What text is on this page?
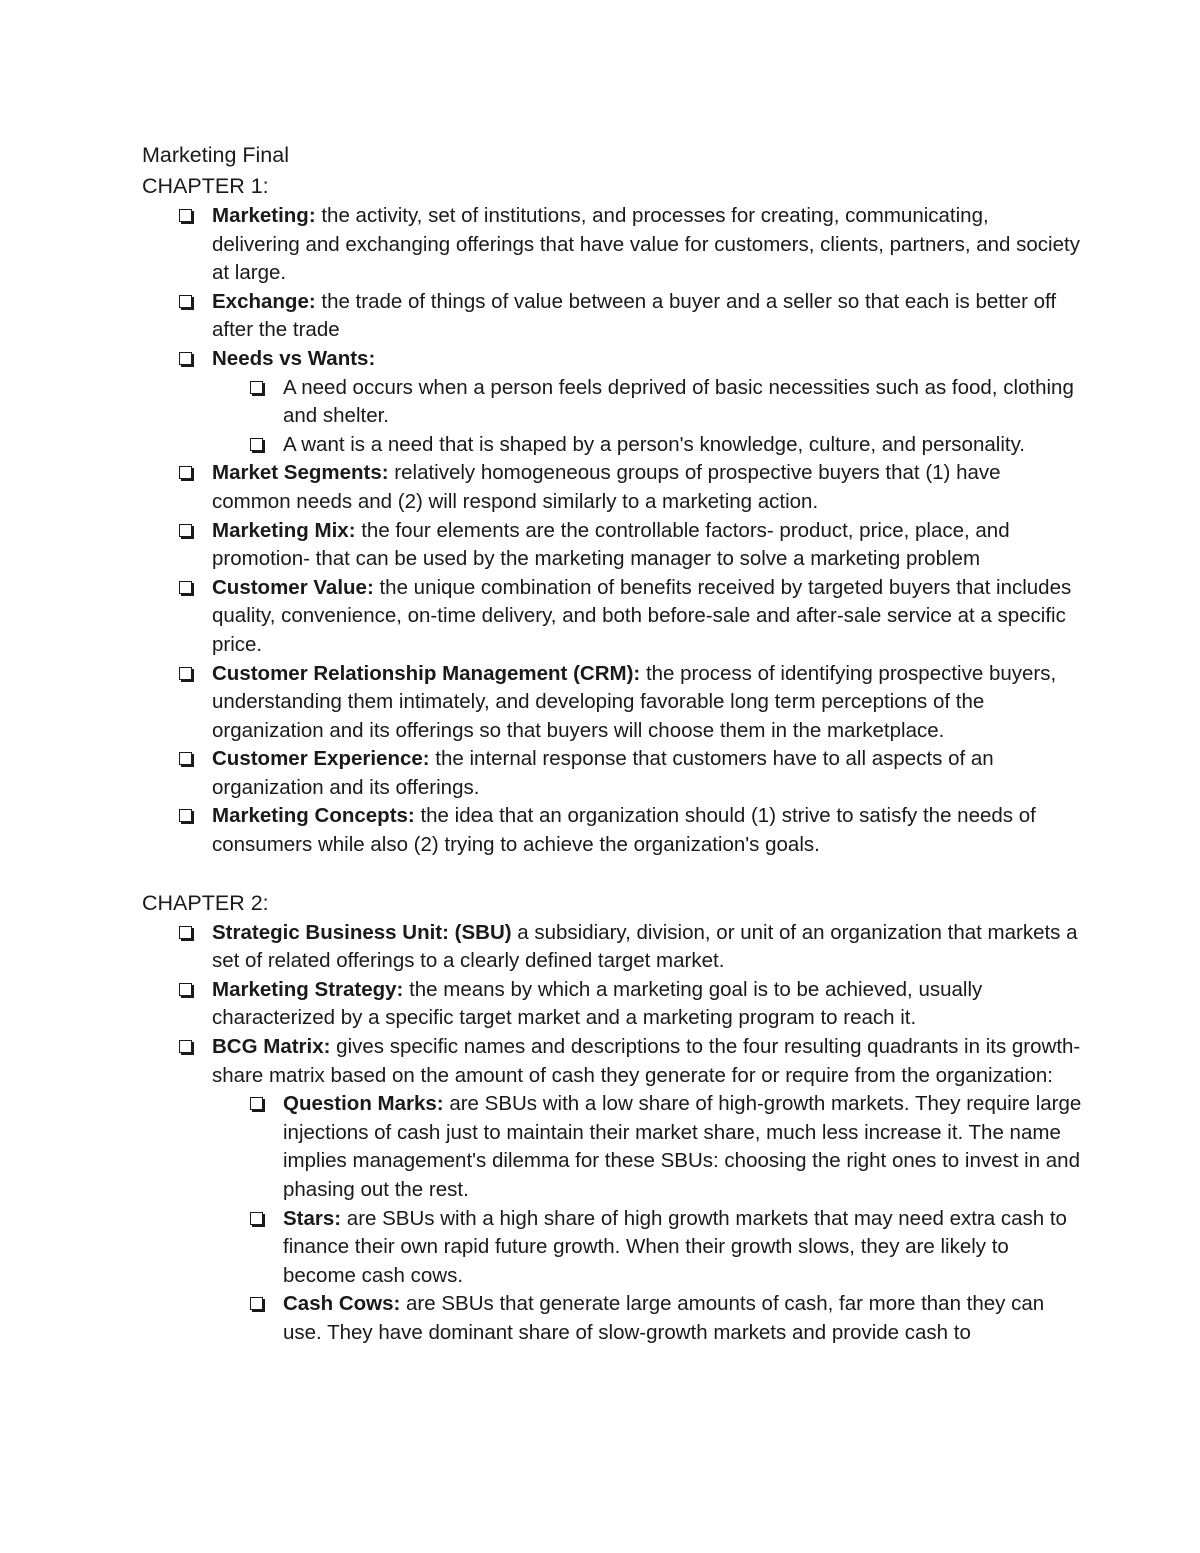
Marketing Final
CHAPTER 1:
Marketing: the activity, set of institutions, and processes for creating, communicating, delivering and exchanging offerings that have value for customers, clients, partners, and society at large.
Exchange: the trade of things of value between a buyer and a seller so that each is better off after the trade
Needs vs Wants:
A need occurs when a person feels deprived of basic necessities such as food, clothing and shelter.
A want is a need that is shaped by a person's knowledge, culture, and personality.
Market Segments: relatively homogeneous groups of prospective buyers that (1) have common needs and (2) will respond similarly to a marketing action.
Marketing Mix: the four elements are the controllable factors- product, price, place, and promotion- that can be used by the marketing manager to solve a marketing problem
Customer Value: the unique combination of benefits received by targeted buyers that includes quality, convenience, on-time delivery, and both before-sale and after-sale service at a specific price.
Customer Relationship Management (CRM): the process of identifying prospective buyers, understanding them intimately, and developing favorable long term perceptions of the organization and its offerings so that buyers will choose them in the marketplace.
Customer Experience: the internal response that customers have to all aspects of an organization and its offerings.
Marketing Concepts: the idea that an organization should (1) strive to satisfy the needs of consumers while also (2) trying to achieve the organization's goals.
CHAPTER 2:
Strategic Business Unit: (SBU) a subsidiary, division, or unit of an organization that markets a set of related offerings to a clearly defined target market.
Marketing Strategy: the means by which a marketing goal is to be achieved, usually characterized by a specific target market and a marketing program to reach it.
BCG Matrix: gives specific names and descriptions to the four resulting quadrants in its growth-share matrix based on the amount of cash they generate for or require from the organization:
Question Marks: are SBUs with a low share of high-growth markets. They require large injections of cash just to maintain their market share, much less increase it. The name implies management's dilemma for these SBUs: choosing the right ones to invest in and phasing out the rest.
Stars: are SBUs with a high share of high growth markets that may need extra cash to finance their own rapid future growth. When their growth slows, they are likely to become cash cows.
Cash Cows: are SBUs that generate large amounts of cash, far more than they can use. They have dominant share of slow-growth markets and provide cash to
